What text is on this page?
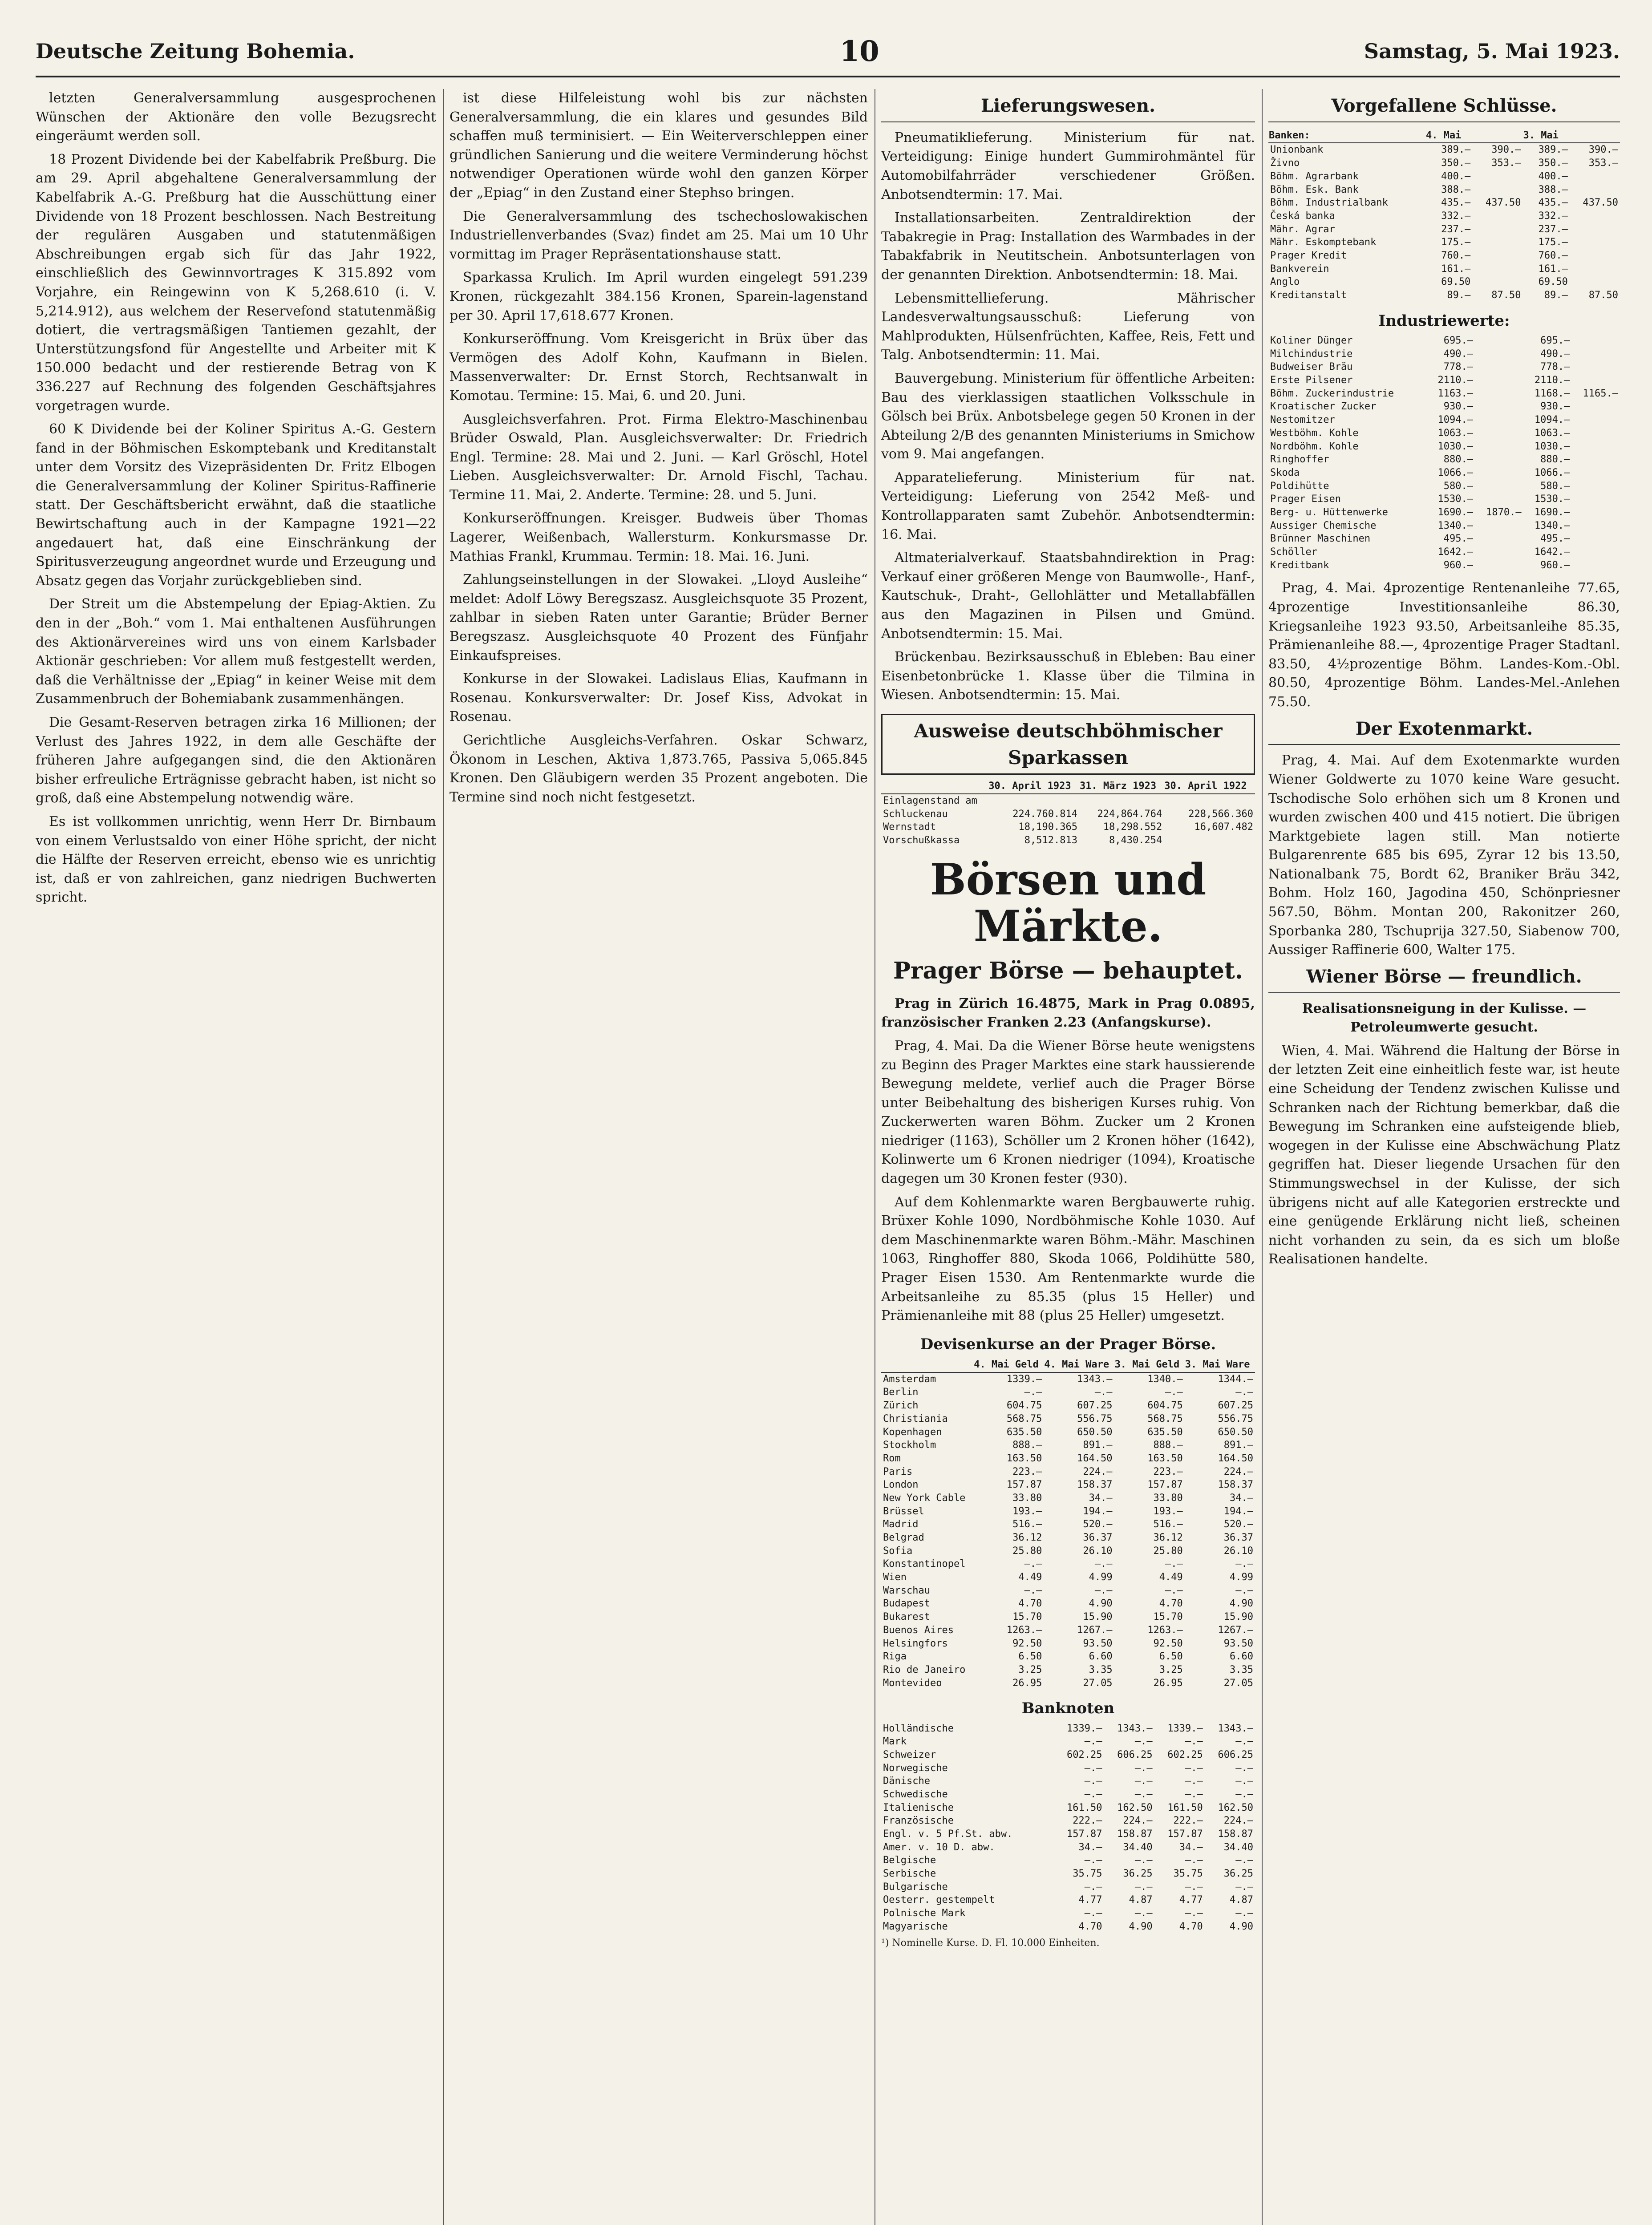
Deutsche Zeitung Bohemia.	10	Samstag, 5. Mai 1923.

letzten Generalversammlung ausgesprochenen Wünschen der Aktionäre den volle Bezugsrecht eingeräumt werden soll.

18 Prozent Dividende bei der Kabelfabrik Preßburg. Die am 29. April abgehaltene Generalversammlung der Kabelfabrik A.-G. Preßburg hat die Ausschüttung einer Dividende von 18 Prozent beschlossen. Nach Bestreitung der regulären Ausgaben und statutenmäßigen Abschreibungen ergab sich für das Jahr 1922, einschließlich des Gewinnvortrages K 315.892 vom Vorjahre, ein Reingewinn von K 5,268.610 (i. V. 5,214.912), aus welchem der Reservefond statutenmäßig dotiert, die vertragsmäßigen Tantiemen gezahlt, der Unterstützungsfond für Angestellte und Arbeiter mit K 150.000 bedacht und der restierende Betrag von K 336.227 auf Rechnung des folgenden Geschäftsjahres vorgetragen wurde.

60 K Dividende bei der Koliner Spiritus A.-G. Gestern fand in der Böhmischen Eskomptebank und Kreditanstalt unter dem Vorsitz des Vizepräsidenten Dr. Fritz Elbogen die Generalversammlung der Koliner Spiritus-Raffinerie statt. Der Geschäftsbericht erwähnt, daß die staatliche Bewirtschaftung auch in der Kampagne 1921—22 angedauert hat, daß eine Einschränkung der Spiritusverzeugung angeordnet wurde und Erzeugung und Absatz gegen das Vorjahr zurückgeblieben sind.

Der Streit um die Abstempelung der Epiag-Aktien. Zu den in der „Boh.“ vom 1. Mai enthaltenen Ausführungen des Aktionärvereines wird uns von einem Karlsbader Aktionär geschrieben: Vor allem muß festgestellt werden, daß die Verhältnisse der „Epiag“ in keiner Weise mit dem Zusammenbruch der Bohemiabank zusammenhängen.

Die Gesamt-Reserven betragen zirka 16 Millionen; der Verlust des Jahres 1922, in dem alle Geschäfte der früheren Jahre aufgegangen sind, die den Aktionären bisher erfreuliche Erträgnisse gebracht haben, ist nicht so groß, daß eine Abstempelung notwendig wäre.

Es ist vollkommen unrichtig, wenn Herr Dr. Birnbaum von einem Verlustsaldo von einer Höhe spricht, der nicht die Hälfte der Reserven erreicht, ebenso wie es unrichtig ist, daß er von zahlreichen, ganz niedrigen Buchwerten spricht.

ist diese Hilfeleistung wohl bis zur nächsten Generalversammlung, die ein klares und gesundes Bild schaffen muß terminisiert. — Ein Weiterverschleppen einer gründlichen Sanierung und die weitere Verminderung höchst notwendiger Operationen würde wohl den ganzen Körper der „Epiag“ in den Zustand einer Stephso bringen.

Die Generalversammlung des tschechoslowakischen Industriellenverbandes (Svaz) findet am 25. Mai um 10 Uhr vormittag im Prager Repräsentationshause statt.

Sparkassa Krulich. Im April wurden eingelegt 591.239 Kronen, rückgezahlt 384.156 Kronen, Sparein-lagenstand per 30. April 17,618.677 Kronen.

Konkurseröffnung. Vom Kreisgericht in Brüx über das Vermögen des Adolf Kohn, Kaufmann in Bielen. Massenverwalter: Dr. Ernst Storch, Rechtsanwalt in Komotau. Termine: 15. Mai, 6. und 20. Juni.

Ausgleichsverfahren. Prot. Firma Elektro-Maschinenbau Brüder Oswald, Plan. Ausgleichsverwalter: Dr. Friedrich Engl. Termine: 28. Mai und 2. Juni. — Karl Gröschl, Hotel Lieben. Ausgleichsverwalter: Dr. Arnold Fischl, Tachau. Termine 11. Mai, 2. Anderte. Termine: 28. und 5. Juni.

Konkurseröffnungen. Kreisger. Budweis über Thomas Lagerer, Weißenbach, Wallersturm. Konkursmasse Dr. Mathias Frankl, Krummau. Termin: 18. Mai. 16. Juni.

Zahlungseinstellungen in der Slowakei. „Lloyd Ausleihe“ meldet: Adolf Löwy Beregszasz. Ausgleichsquote 35 Prozent, zahlbar in sieben Raten unter Garantie; Brüder Berner Beregszasz. Ausgleichsquote 40 Prozent des Fünfjahr Einkaufspreises.

Konkurse in der Slowakei. Ladislaus Elias, Kaufmann in Rosenau. Konkursverwalter: Dr. Josef Kiss, Advokat in Rosenau.

Gerichtliche Ausgleichs-Verfahren. Oskar Schwarz, Ökonom in Leschen, Aktiva 1,873.765, Passiva 5,065.845 Kronen. Den Gläubigern werden 35 Prozent angeboten. Die Termine sind noch nicht festgesetzt.

Lieferungswesen.

Pneumatiklieferung. Ministerium für nat. Verteidigung: Einige hundert Gummirohmäntel für Automobilfahrräder verschiedener Größen. Anbotsendtermin: 17. Mai.

Installationsarbeiten. Zentraldirektion der Tabakregie in Prag: Installation des Warmbades in der Tabakfabrik in Neutitschein. Anbotsunterlagen von der genannten Direktion. Anbotsendtermin: 18. Mai.

Lebensmittellieferung. Mährischer Landesverwaltungsausschuß: Lieferung von Mahlprodukten, Hülsenfrüchten, Kaffee, Reis, Fett und Talg. Anbotsendtermin: 11. Mai.

Bauvergebung. Ministerium für öffentliche Arbeiten: Bau des vierklassigen staatlichen Volksschule in Gölsch bei Brüx. Anbotsbelege gegen 50 Kronen in der Abteilung 2/B des genannten Ministeriums in Smichow vom 9. Mai angefangen.

Apparatelieferung. Ministerium für nat. Verteidigung: Lieferung von 2542 Meß- und Kontrollapparaten samt Zubehör. Anbotsendtermin: 16. Mai.

Altmaterialverkauf. Staatsbahndirektion in Prag: Verkauf einer größeren Menge von Baumwolle-, Hanf-, Kautschuk-, Draht-, Gellohlätter und Metallabfällen aus den Magazinen in Pilsen und Gmünd. Anbotsendtermin: 15. Mai.

Brückenbau. Bezirksausschuß in Ebleben: Bau einer Eisenbetonbrücke 1. Klasse über die Tilmina in Wiesen. Anbotsendtermin: 15. Mai.

Ausweise deutschböhmischer Sparkassen
	30. April 1923	31. März 1923	30. April 1922
Einlagenstand am			
Schluckenau	224.760.814	224,864.764	228,566.360
Wernstadt	18,190.365	18,298.552	16,607.482
Vorschußkassa	8,512.813	8,430.254	
Börsen und Märkte.
Prager Börse — behauptet.

Prag in Zürich 16.4875, Mark in Prag 0.0895, französischer Franken 2.23 (Anfangskurse).

Prag, 4. Mai. Da die Wiener Börse heute wenigstens zu Beginn des Prager Marktes eine stark haussierende Bewegung meldete, verlief auch die Prager Börse unter Beibehaltung des bisherigen Kurses ruhig. Von Zuckerwerten waren Böhm. Zucker um 2 Kronen niedriger (1163), Schöller um 2 Kronen höher (1642), Kolinwerte um 6 Kronen niedriger (1094), Kroatische dagegen um 30 Kronen fester (930).

Auf dem Kohlenmarkte waren Bergbauwerte ruhig. Brüxer Kohle 1090, Nordböhmische Kohle 1030. Auf dem Maschinenmarkte waren Böhm.-Mähr. Maschinen 1063, Ringhoffer 880, Skoda 1066, Poldihütte 580, Prager Eisen 1530. Am Rentenmarkte wurde die Arbeitsanleihe zu 85.35 (plus 15 Heller) und Prämienanleihe mit 88 (plus 25 Heller) umgesetzt.

Devisenkurse an der Prager Börse.
	4. Mai Geld	4. Mai Ware	3. Mai Geld	3. Mai Ware
Amsterdam	1339.—	1343.—	1340.—	1344.—
Berlin	—.—	—.—	—.—	—.—
Zürich	604.75	607.25	604.75	607.25
Christiania	568.75	556.75	568.75	556.75
Kopenhagen	635.50	650.50	635.50	650.50
Stockholm	888.—	891.—	888.—	891.—
Rom	163.50	164.50	163.50	164.50
Paris	223.—	224.—	223.—	224.—
London	157.87	158.37	157.87	158.37
New York Cable	33.80	34.—	33.80	34.—
Brüssel	193.—	194.—	193.—	194.—
Madrid	516.—	520.—	516.—	520.—
Belgrad	36.12	36.37	36.12	36.37
Sofia	25.80	26.10	25.80	26.10
Konstantinopel	—.—	—.—	—.—	—.—
Wien	4.49	4.99	4.49	4.99
Warschau	—.—	—.—	—.—	—.—
Budapest	4.70	4.90	4.70	4.90
Bukarest	15.70	15.90	15.70	15.90
Buenos Aires	1263.—	1267.—	1263.—	1267.—
Helsingfors	92.50	93.50	92.50	93.50
Riga	6.50	6.60	6.50	6.60
Rio de Janeiro	3.25	3.35	3.25	3.35
Montevideo	26.95	27.05	26.95	27.05
Banknoten
Holländische	1339.—	1343.—	1339.—	1343.—
Mark	—.—	—.—	—.—	—.—
Schweizer	602.25	606.25	602.25	606.25
Norwegische	—.—	—.—	—.—	—.—
Dänische	—.—	—.—	—.—	—.—
Schwedische	—.—	—.—	—.—	—.—
Italienische	161.50	162.50	161.50	162.50
Französische	222.—	224.—	222.—	224.—
Engl. v. 5 Pf.St. abw.	157.87	158.87	157.87	158.87
Amer. v. 10 D. abw.	34.—	34.40	34.—	34.40
Belgische	—.—	—.—	—.—	—.—
Serbische	35.75	36.25	35.75	36.25
Bulgarische	—.—	—.—	—.—	—.—
Oesterr. gestempelt	4.77	4.87	4.77	4.87
Polnische Mark	—.—	—.—	—.—	—.—
Magyarische	4.70	4.90	4.70	4.90
¹) Nominelle Kurse. D. Fl. 10.000 Einheiten.
Vorgefallene Schlüsse.
Banken:	4. Mai		3. Mai	
Unionbank	389.—	390.—	389.—	390.—
Živno	350.—	353.—	350.—	353.—
Böhm. Agrarbank	400.—		400.—	
Böhm. Esk. Bank	388.—		388.—	
Böhm. Industrialbank	435.—	437.50	435.—	437.50
Česká banka	332.—		332.—	
Mähr. Agrar	237.—		237.—	
Mähr. Eskomptebank	175.—		175.—	
Prager Kredit	760.—		760.—	
Bankverein	161.—		161.—	
Anglo	69.50		69.50	
Kreditanstalt	89.—	87.50	89.—	87.50
Industriewerte:
Koliner Dünger	695.—		695.—	
Milchindustrie	490.—		490.—	
Budweiser Bräu	778.—		778.—	
Erste Pilsener	2110.—		2110.—	
Böhm. Zuckerindustrie	1163.—		1168.—	1165.—
Kroatischer Zucker	930.—		930.—	
Nestomitzer	1094.—		1094.—	
Westböhm. Kohle	1063.—		1063.—	
Nordböhm. Kohle	1030.—		1030.—	
Ringhoffer	880.—		880.—	
Skoda	1066.—		1066.—	
Poldihütte	580.—		580.—	
Prager Eisen	1530.—		1530.—	
Berg- u. Hüttenwerke	1690.—	1870.—	1690.—	
Aussiger Chemische	1340.—		1340.—	
Brünner Maschinen	495.—		495.—	
Schöller	1642.—		1642.—	
Kreditbank	960.—		960.—	

Prag, 4. Mai. 4prozentige Rentenanleihe 77.65, 4prozentige Investitionsanleihe 86.30, Kriegsanleihe 1923 93.50, Arbeitsanleihe 85.35, Prämienanleihe 88.—, 4prozentige Prager Stadtanl. 83.50, 4½prozentige Böhm. Landes-Kom.-Obl. 80.50, 4prozentige Böhm. Landes-Mel.-Anlehen 75.50.

Der Exotenmarkt.

Prag, 4. Mai. Auf dem Exotenmarkte wurden Wiener Goldwerte zu 1070 keine Ware gesucht. Tschodische Solo erhöhen sich um 8 Kronen und wurden zwischen 400 und 415 notiert. Die übrigen Marktgebiete lagen still. Man notierte Bulgarenrente 685 bis 695, Zyrar 12 bis 13.50, Nationalbank 75, Bordt 62, Braniker Bräu 342, Bohm. Holz 160, Jagodina 450, Schönpriesner 567.50, Böhm. Montan 200, Rakonitzer 260, Sporbanka 280, Tschuprija 327.50, Siabenow 700, Aussiger Raffinerie 600, Walter 175.

Wiener Börse — freundlich.
Realisationsneigung in der Kulisse. — Petroleumwerte gesucht.

Wien, 4. Mai. Während die Haltung der Börse in der letzten Zeit eine einheitlich feste war, ist heute eine Scheidung der Tendenz zwischen Kulisse und Schranken nach der Richtung bemerkbar, daß die Bewegung im Schranken eine aufsteigende blieb, wogegen in der Kulisse eine Abschwächung Platz gegriffen hat. Dieser liegende Ursachen für den Stimmungswechsel in der Kulisse, der sich übrigens nicht auf alle Kategorien erstreckte und eine genügende Erklärung nicht ließ, scheinen nicht vorhanden zu sein, da es sich um bloße Realisationen handelte.
